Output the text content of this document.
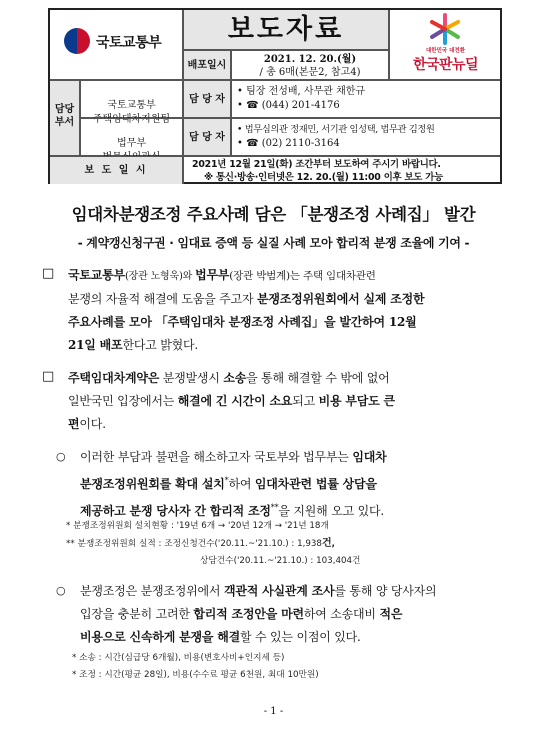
국토교통부	보도자료
배포일시
2021. 12. 20.(월)
/ 총 6매(본문2, 참고4)
대한민국 대전환
한국판뉴딜
담당 부서

국토교통부
주택임대차지원팀

담 당 자
• 팀장 전성배, 사무관 채한규
• ☎ (044) 201-4176

법무부

담 당 자
• 법무심의관 정재민, 서기관 임성택, 법무관 김정원
• ☎ (02) 2110-3164
보 도 일 시
2021년 12월 21일(화) 조간부터 보도하여 주시기 바랍니다.
※ 통신·방송·인터넷은 12. 20.(월) 11:00 이후 보도 가능
임대차분쟁조정 주요사례 담은 「분쟁조정 사례집」 발간
- 계약갱신청구권 · 임대료 증액 등 실질 사례 모아 합리적 분쟁 조율에 기여 -
□ 국토교통부(장관 노형욱)와 법무부(장관 박범계)는 주택 임대차관련
분쟁의 자율적 해결에 도움을 주고자 분쟁조정위원회에서 실제 조정한
주요사례를 모아 「주택임대차 분쟁조정 사례집」을 발간하여 12월
21일 배포한다고 밝혔다.
□ 주택임대차계약은 분쟁발생시 소송을 통해 해결할 수 밖에 없어
일반국민 입장에서는 해결에 긴 시간이 소요되고 비용 부담도 큰
편이다.
○ 이러한 부담과 불편을 해소하고자 국토부와 법무부는 임대차
분쟁조정위원회를 확대 설치*하여 임대차관련 법률 상담을
제공하고 분쟁 당사자 간 합리적 조정**을 지원해 오고 있다.
* 분쟁조정위원회 설치현황 : '19년 6개 → '20년 12개 → '21년 18개
** 분쟁조정위원회 실적 : 조정신청건수('20.11.~'21.10.) : 1,938건,
상담건수('20.11.~'21.10.) : 103,404건
○ 분쟁조정은 분쟁조정위에서 객관적 사실관계 조사를 통해 양 당사자의
입장을 충분히 고려한 합리적 조정안을 마련하여 소송대비 적은
비용으로 신속하게 분쟁을 해결할 수 있는 이점이 있다.
* 소송 : 시간(심급당 6개월), 비용(변호사비+인지세 등)
* 조정 : 시간(평균 28일), 비용(수수료 평균 6천원, 최대 10만원)
- 1 -
